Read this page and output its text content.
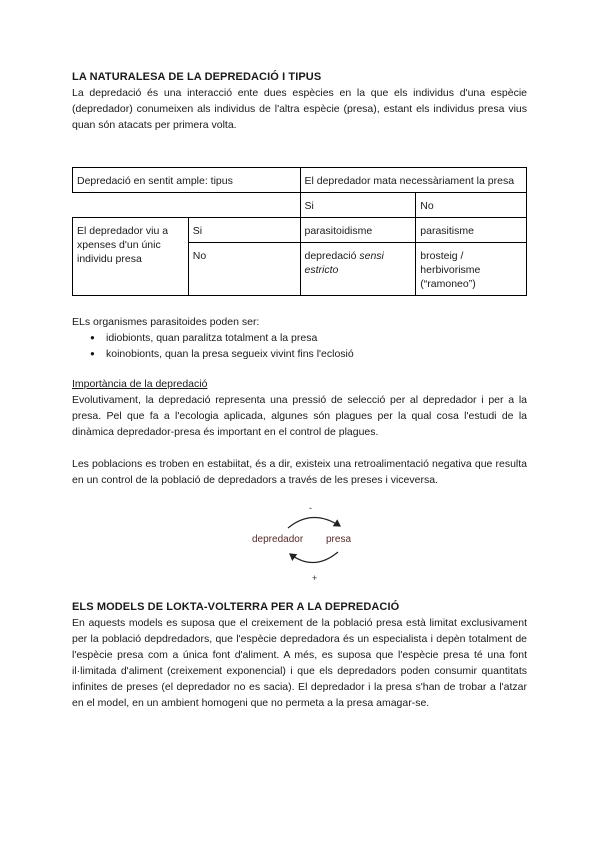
LA NATURALESA DE LA DEPREDACIÓ I TIPUS

La depredació és una interacció ente dues espècies en la que els individus d'una espècie (depredador) conumeixen als individus de l'altra espècie (presa), estant els individus presa vius quan són atacats per primera volta.

Depredació en sentit ample: tipus		El depredador mata necessàriament la presa	
		Si	No
El depredador viu a xpenses d'un únic individu presa	Si	parasitoidisme	parasitisme
	No	depredació sensi estricto	brosteig / herbivorisme (“ramoneo”)

ELs organismes parasitoides poden ser:

● idiobionts, quan paralitza totalment a la presa
● koinobionts, quan la presa segueix vivint fins l'eclosió

Importància de la depredació

Evolutivament, la depredació representa una pressió de selecció per al depredador i per a la presa. Pel que fa a l'ecologia aplicada, algunes són plagues per la qual cosa l'estudi de la dinàmica depredador-presa és important en el control de plagues.

Les poblacions es troben en estabiitat, és a dir, existeix una retroalimentació negativa que resulta en un control de la població de depredadors a través de les preses i viceversa.

-
depredador presa
+
ELS MODELS DE LOKTA-VOLTERRA PER A LA DEPREDACIÓ

En aquests models es suposa que el creixement de la població presa està limitat exclusivament per la població depdredadors, que l'espècie depredadora és un especialista i depèn totalment de l'espècie presa com a única font d'aliment. A més, es suposa que l'espècie presa té una font il·limitada d'aliment (creixement exponencial) i que els depredadors poden consumir quantitats infinites de preses (el depredador no es sacia). El depredador i la presa s'han de trobar a l'atzar en el model, en un ambient homogeni que no permeta a la presa amagar-se.
